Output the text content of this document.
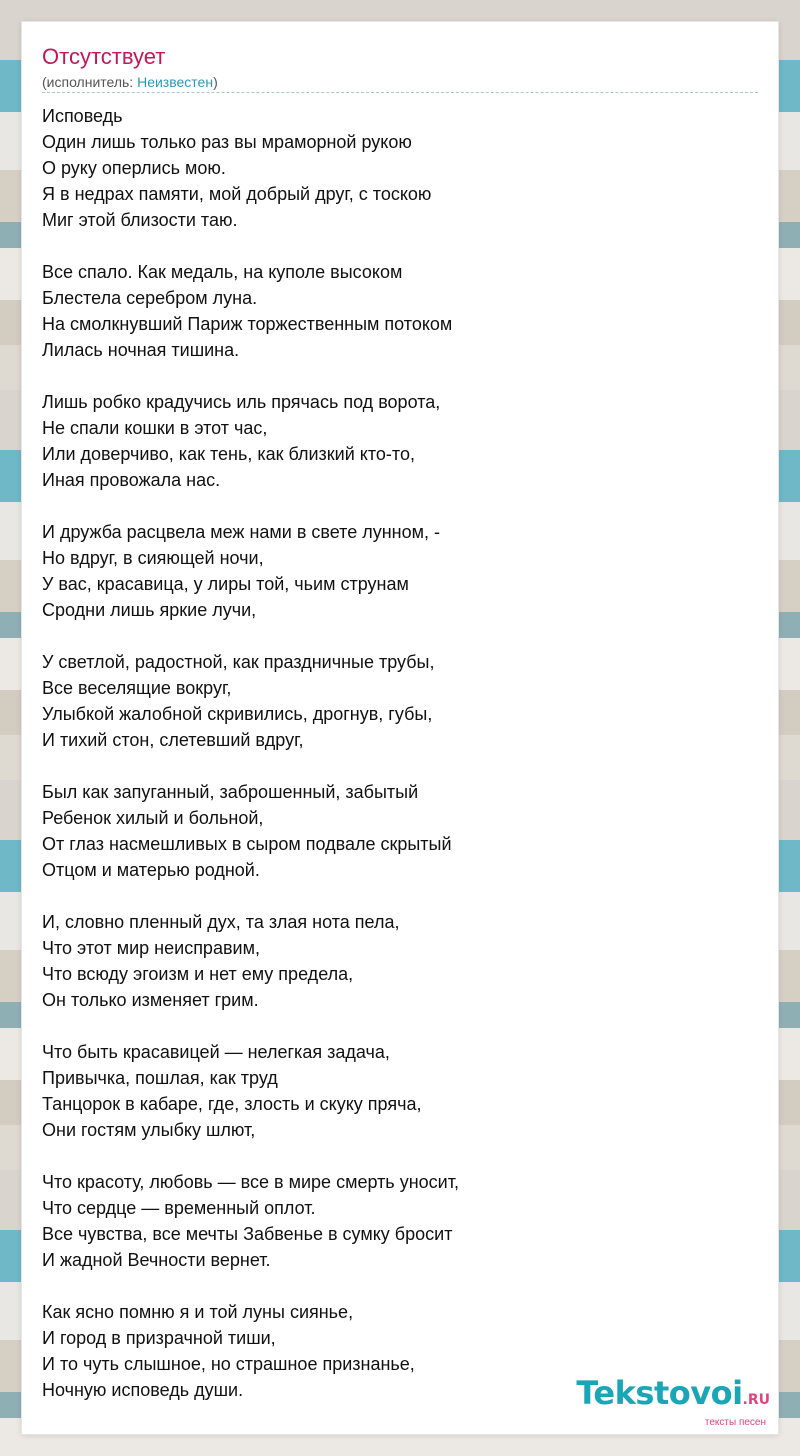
Отсутствует
(исполнитель: Неизвестен)
Исповедь
Один лишь только раз вы мраморной рукою
О руку оперлись мою.
Я в недрах памяти, мой добрый друг, с тоскою
Миг этой близости таю.
Все спало. Как медаль, на куполе высоком
Блестела серебром луна.
На смолкнувший Париж торжественным потоком
Лилась ночная тишина.
Лишь робко крадучись иль прячась под ворота,
Не спали кошки в этот час,
Или доверчиво, как тень, как близкий кто-то,
Иная провожала нас.
И дружба расцвела меж нами в свете лунном, -
Но вдруг, в сияющей ночи,
У вас, красавица, у лиры той, чьим струнам
Сродни лишь яркие лучи,
У светлой, радостной, как праздничные трубы,
Все веселящие вокруг,
Улыбкой жалобной скривились, дрогнув, губы,
И тихий стон, слетевший вдруг,
Был как запуганный, заброшенный, забытый
Ребенок хилый и больной,
От глаз насмешливых в сыром подвале скрытый
Отцом и матерью родной.
И, словно пленный дух, та злая нота пела,
Что этот мир неисправим,
Что всюду эгоизм и нет ему предела,
Он только изменяет грим.
Что быть красавицей — нелегкая задача,
Привычка, пошлая, как труд
Танцорок в кабаре, где, злость и скуку пряча,
Они гостям улыбку шлют,
Что красоту, любовь — все в мире смерть уносит,
Что сердце — временный оплот.
Все чувства, все мечты Забвенье в сумку бросит
И жадной Вечности вернет.
Как ясно помню я и той луны сиянье,
И город в призрачной тиши,
И то чуть слышное, но страшное признанье,
Ночную исповедь души.	Tekstovoi.RU
тексты песен
